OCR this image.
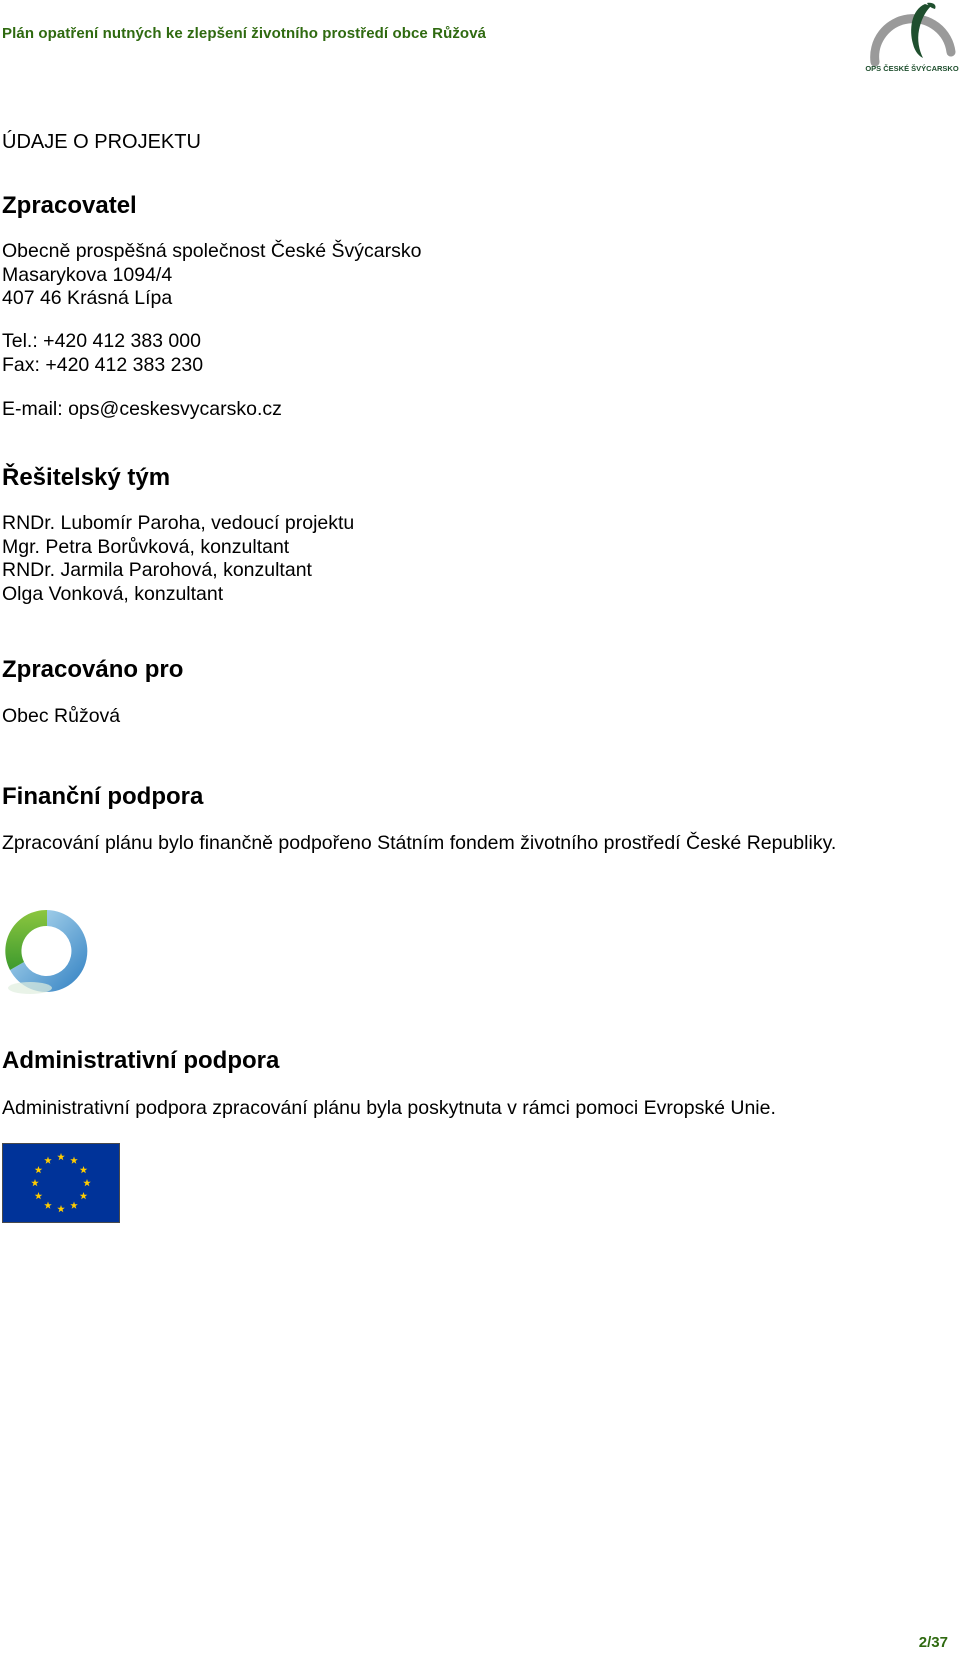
Plán opatření nutných ke zlepšení životního prostředí obce Růžová
OPS ČESKÉ ŠVÝCARSKO
ÚDAJE O PROJEKTU
Zpracovatel
Obecně prospěšná společnost České Švýcarsko
Masarykova 1094/4
407 46 Krásná Lípa
Tel.: +420 412 383 000
Fax: +420 412 383 230
E-mail: ops@ceskesvycarsko.cz
Řešitelský tým
RNDr. Lubomír Paroha, vedoucí projektu
Mgr. Petra Borůvková, konzultant
RNDr. Jarmila Parohová, konzultant
Olga Vonková, konzultant
Zpracováno pro
Obec Růžová
Finanční podpora
Zpracování plánu bylo finančně podpořeno Státním fondem životního prostředí České Republiky.
Administrativní podpora
Administrativní podpora zpracování plánu byla poskytnuta v rámci pomoci Evropské Unie.
2/37
